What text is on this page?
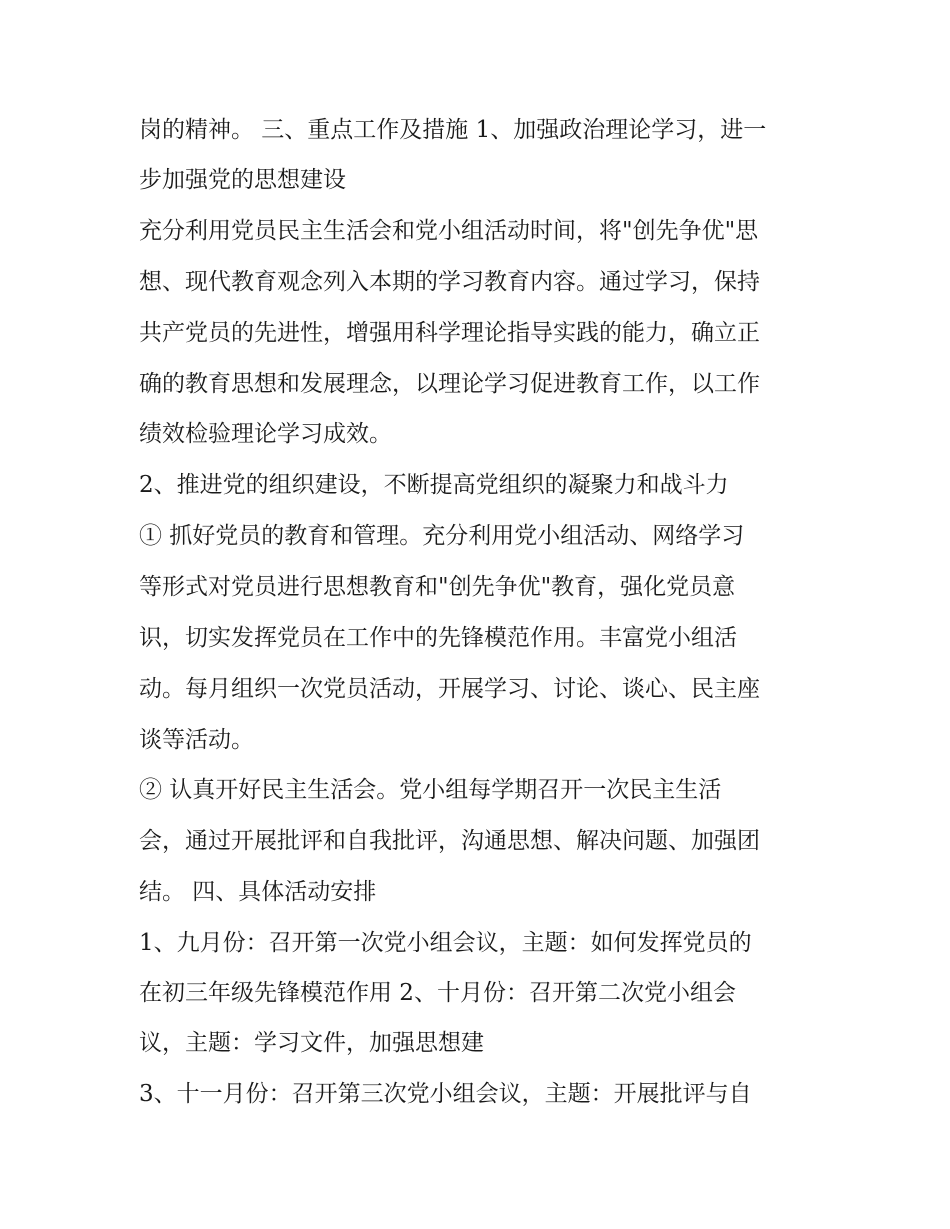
岗的精神。 三、重点工作及措施 1、加强政治理论学习，进一
步加强党的思想建设
充分利用党员民主生活会和党小组活动时间，将"创先争优"思
想、现代教育观念列入本期的学习教育内容。通过学习，保持
共产党员的先进性，增强用科学理论指导实践的能力，确立正
确的教育思想和发展理念，以理论学习促进教育工作，以工作
绩效检验理论学习成效。
2、推进党的组织建设，不断提高党组织的凝聚力和战斗力
① 抓好党员的教育和管理。充分利用党小组活动、网络学习
等形式对党员进行思想教育和"创先争优"教育，强化党员意
识，切实发挥党员在工作中的先锋模范作用。丰富党小组活
动。每月组织一次党员活动，开展学习、讨论、谈心、民主座
谈等活动。
② 认真开好民主生活会。党小组每学期召开一次民主生活
会，通过开展批评和自我批评，沟通思想、解决问题、加强团
结。 四、具体活动安排
1、九月份：召开第一次党小组会议，主题：如何发挥党员的
在初三年级先锋模范作用 2、十月份：召开第二次党小组会
议，主题：学习文件，加强思想建
3、十一月份：召开第三次党小组会议，主题：开展批评与自
